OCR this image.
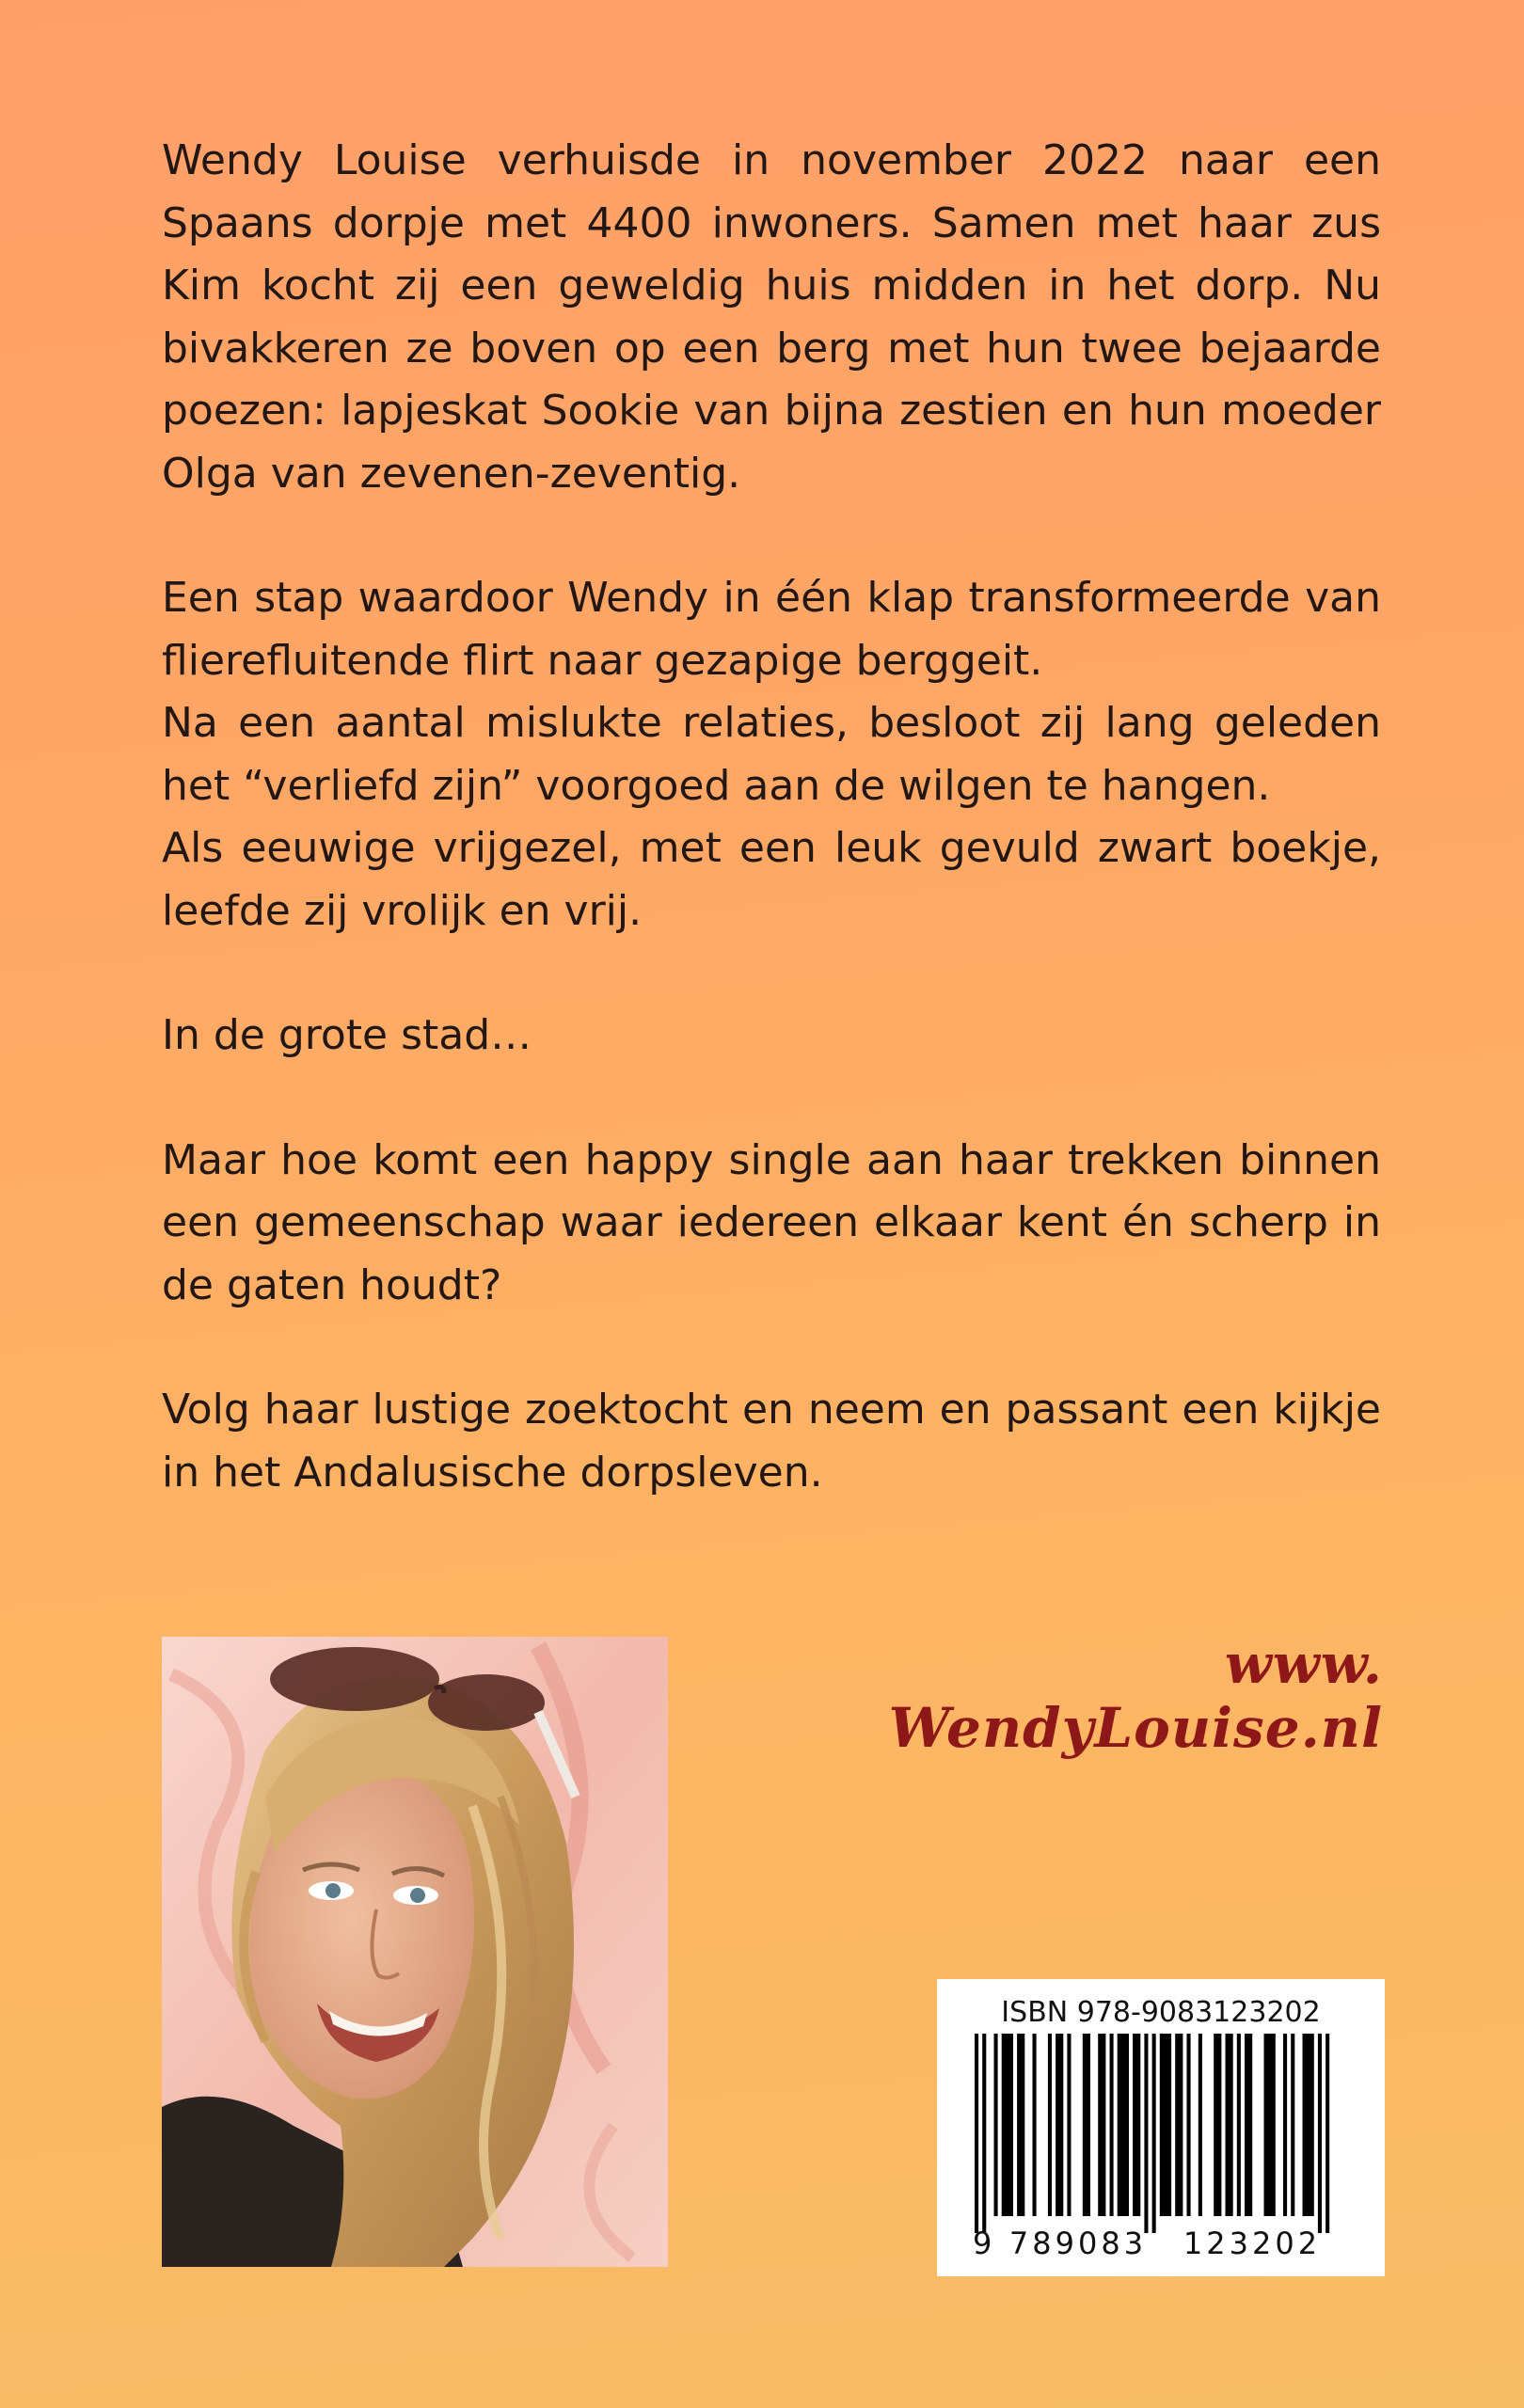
Wendy Louise verhuisde in november 2022 naar een Spaans dorpje met 4400 inwoners. Samen met haar zus Kim kocht zij een geweldig huis midden in het dorp. Nu bivakkeren ze boven op een berg met hun twee bejaarde poezen: lapjeskat Sookie van bijna zestien en hun moeder Olga van zevenen-zeventig.

Een stap waardoor Wendy in één klap transformeerde van flierefluitende flirt naar gezapige berggeit.

Na een aantal mislukte relaties, besloot zij lang geleden het “verliefd zijn” voorgoed aan de wilgen te hangen.

Als eeuwige vrijgezel, met een leuk gevuld zwart boekje, leefde zij vrolijk en vrij.

In de grote stad…

Maar hoe komt een happy single aan haar trekken binnen een gemeenschap waar iedereen elkaar kent én scherp in de gaten houdt?

Volg haar lustige zoektocht en neem en passant een kijkje in het Andalusische dorpsleven.

www. WendyLouise.nl
ISBN 978-9083123202
9 789083 123202
